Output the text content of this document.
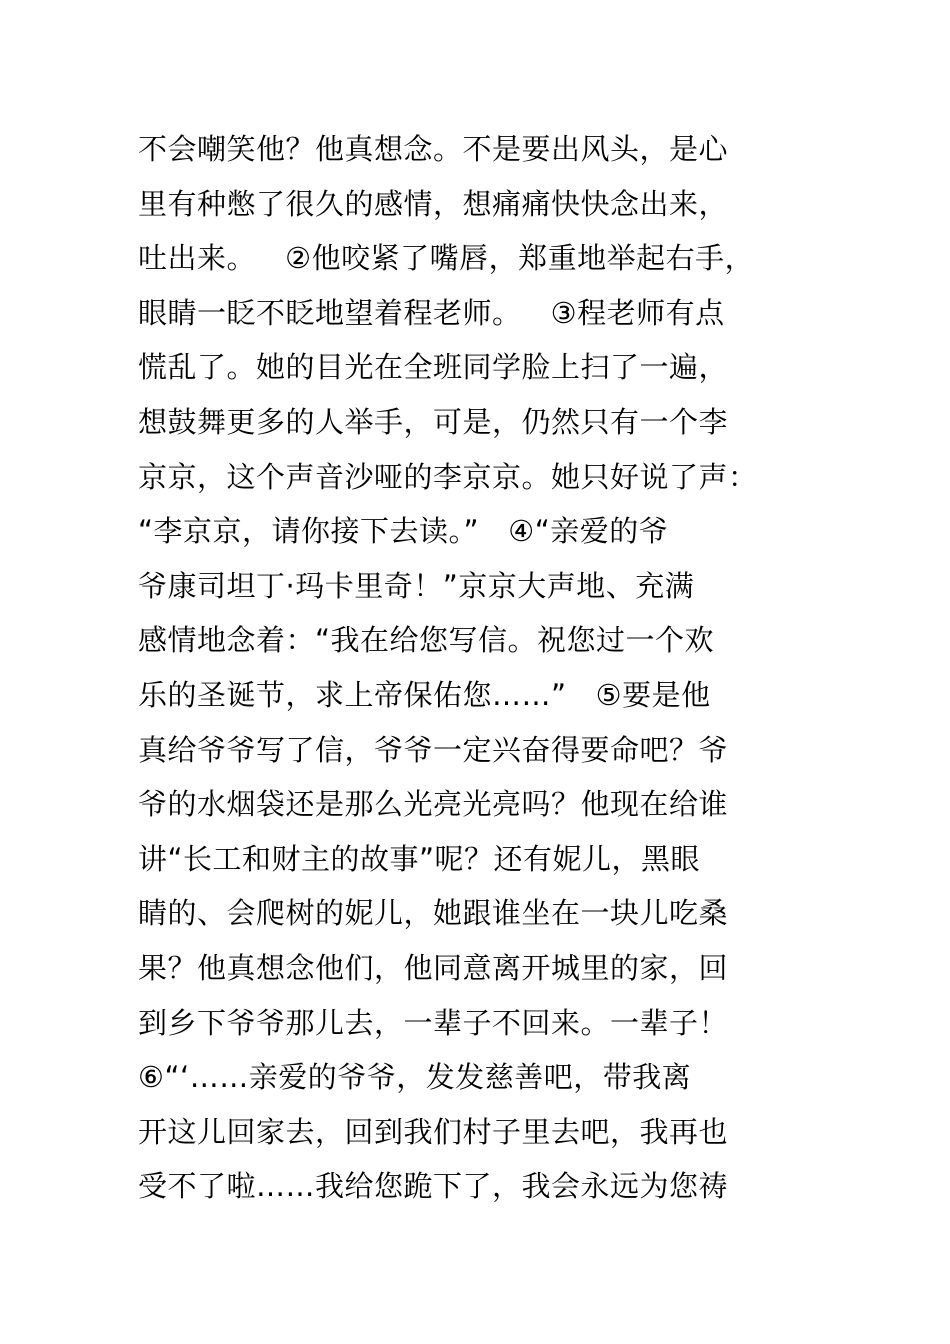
不会嘲笑他？他真想念。不是要出风头，是心
里有种憋了很久的感情，想痛痛快快念出来，
吐出来。   ②他咬紧了嘴唇，郑重地举起右手，
眼睛一眨不眨地望着程老师。   ③程老师有点
慌乱了。她的目光在全班同学脸上扫了一遍，
想鼓舞更多的人举手，可是，仍然只有一个李
京京，这个声音沙哑的李京京。她只好说了声：
“李京京，请你接下去读。”   ④“亲爱的爷
爷康司坦丁·玛卡里奇！”京京大声地、充满
感情地念着：“我在给您写信。祝您过一个欢
乐的圣诞节，求上帝保佑您……”   ⑤要是他
真给爷爷写了信，爷爷一定兴奋得要命吧？爷
爷的水烟袋还是那么光亮光亮吗？他现在给谁
讲“长工和财主的故事”呢？还有妮儿，黑眼
睛的、会爬树的妮儿，她跟谁坐在一块儿吃桑
果？他真想念他们，他同意离开城里的家，回
到乡下爷爷那儿去，一辈子不回来。一辈子！
⑥“‘……亲爱的爷爷，发发慈善吧，带我离
开这儿回家去，回到我们村子里去吧，我再也
受不了啦……我给您跪下了，我会永远为您祷
